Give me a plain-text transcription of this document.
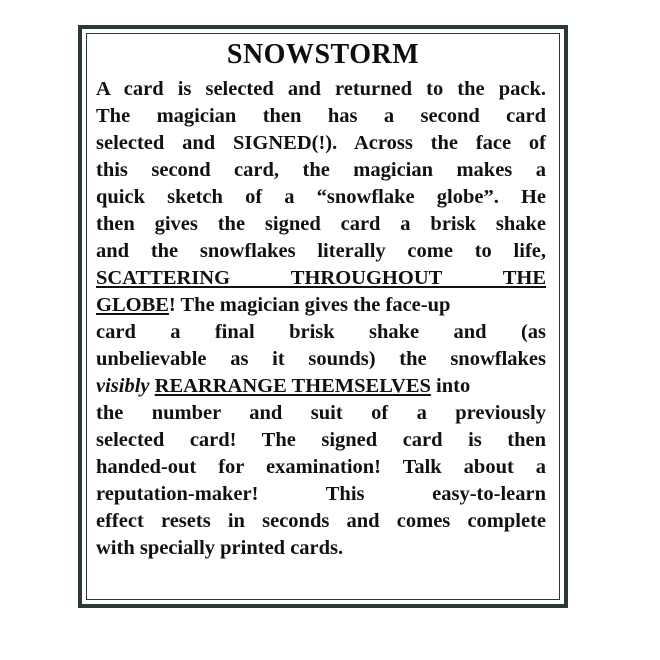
SNOWSTORM
A card is selected and returned to the pack.
The magician then has a second card
selected and SIGNED(!). Across the face of
this second card, the magician makes a
quick sketch of a “snowflake globe”. He
then gives the signed card a brisk shake
and the snowflakes literally come to life,
SCATTERING THROUGHOUT THE
GLOBE! The magician gives the face-up
card a final brisk shake and (as
unbelievable as it sounds) the snowflakes
visibly REARRANGE THEMSELVES into
the number and suit of a previously
selected card! The signed card is then
handed-out for examination! Talk about a
reputation-maker! This easy-to-learn
effect resets in seconds and comes complete
with specially printed cards.
